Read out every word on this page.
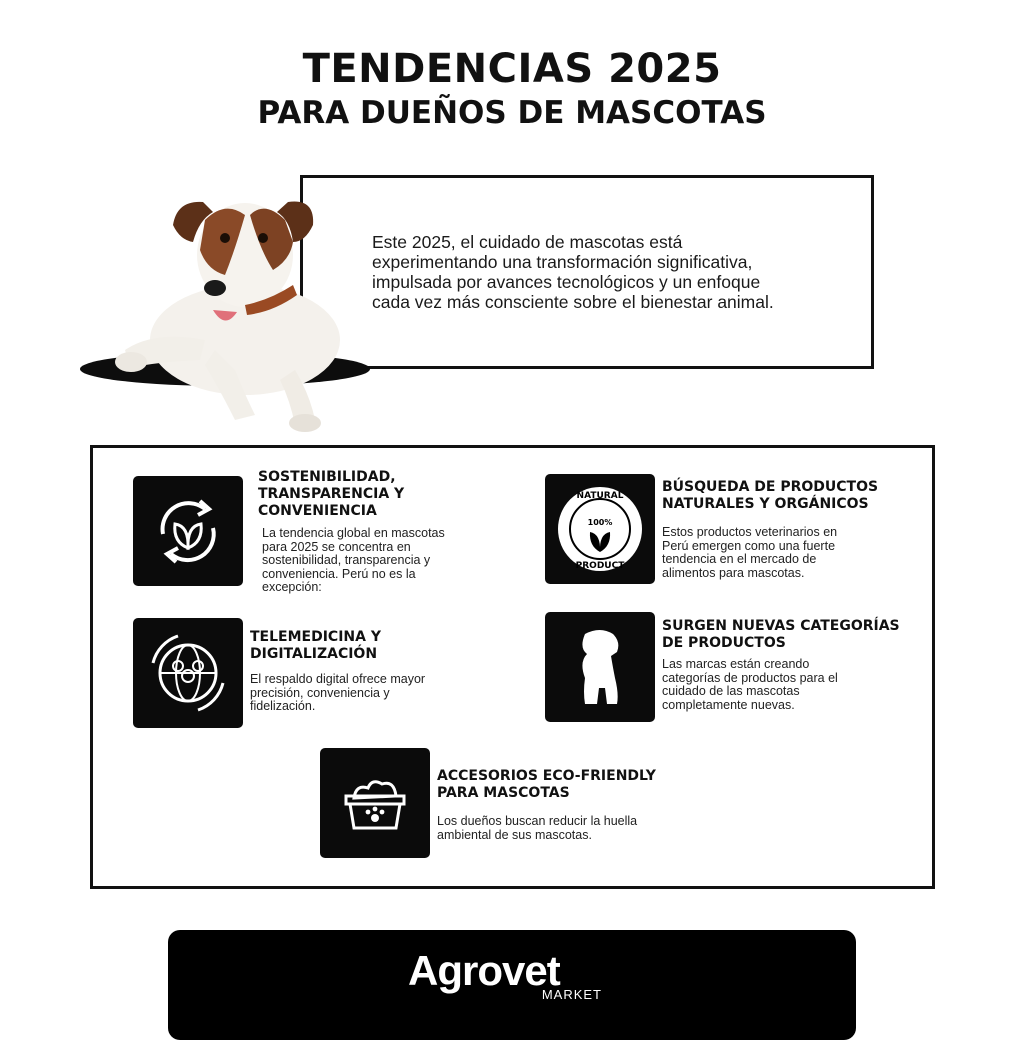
TENDENCIAS 2025
PARA DUEÑOS DE MASCOTAS
Este 2025, el cuidado de mascotas está
experimentando una transformación significativa,
impulsada por avances tecnológicos y un enfoque
cada vez más consciente sobre el bienestar animal.
SOSTENIBILIDAD,
TRANSPARENCIA Y
CONVENIENCIA
La tendencia global en mascotas
para 2025 se concentra en
sostenibilidad, transparencia y
conveniencia. Perú no es la
excepción:
NATURAL
100%
PRODUCT
BÚSQUEDA DE PRODUCTOS
NATURALES Y ORGÁNICOS
Estos productos veterinarios en
Perú emergen como una fuerte
tendencia en el mercado de
alimentos para mascotas.
TELEMEDICINA Y
DIGITALIZACIÓN
El respaldo digital ofrece mayor
precisión, conveniencia y
fidelización.
SURGEN NUEVAS CATEGORÍAS
DE PRODUCTOS
Las marcas están creando
categorías de productos para el
cuidado de las mascotas
completamente nuevas.
ACCESORIOS ECO-FRIENDLY
PARA MASCOTAS
Los dueños buscan reducir la huella
ambiental de sus mascotas.
Agrovet
MARKET
